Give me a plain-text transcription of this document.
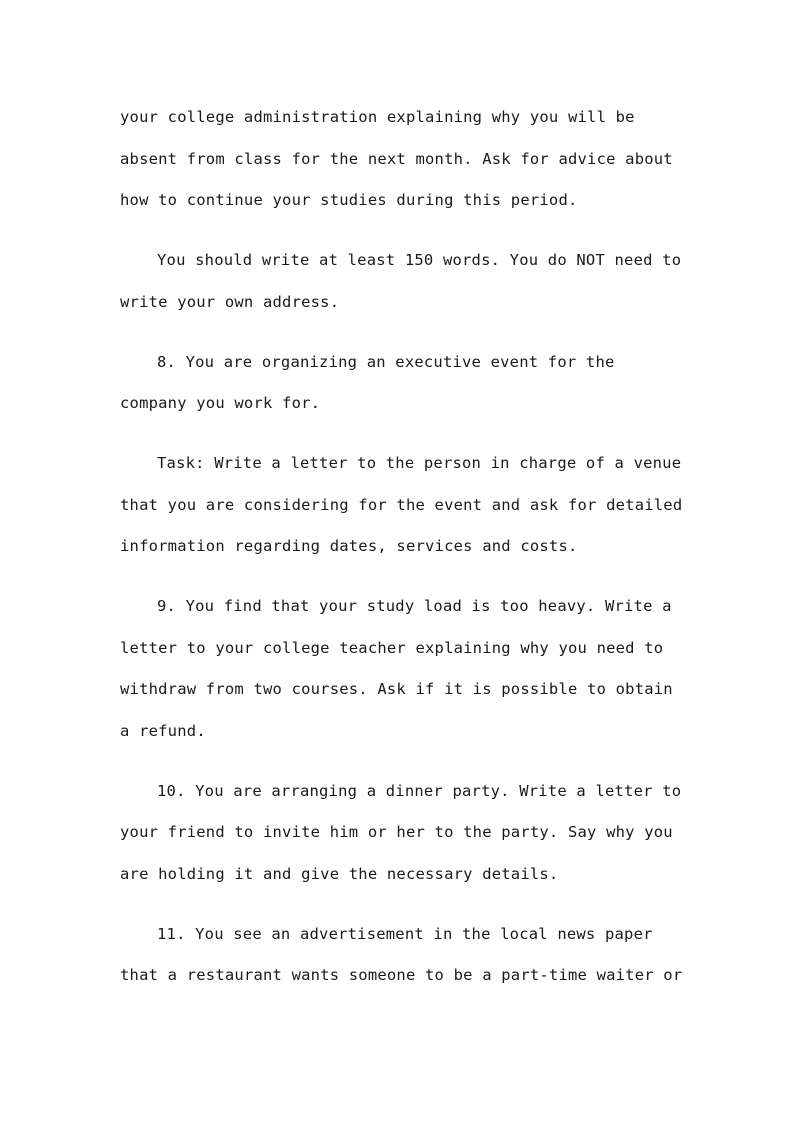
your college administration explaining why you will be
absent from class for the next month. Ask for advice about
how to continue your studies during this period.
You should write at least 150 words. You do NOT need to
write your own address.
8. You are organizing an executive event for the
company you work for.
Task: Write a letter to the person in charge of a venue
that you are considering for the event and ask for detailed
information regarding dates, services and costs.
9. You find that your study load is too heavy. Write a
letter to your college teacher explaining why you need to
withdraw from two courses. Ask if it is possible to obtain
a refund.
10. You are arranging a dinner party. Write a letter to
your friend to invite him or her to the party. Say why you
are holding it and give the necessary details.
11. You see an advertisement in the local news paper
that a restaurant wants someone to be a part-time waiter or
